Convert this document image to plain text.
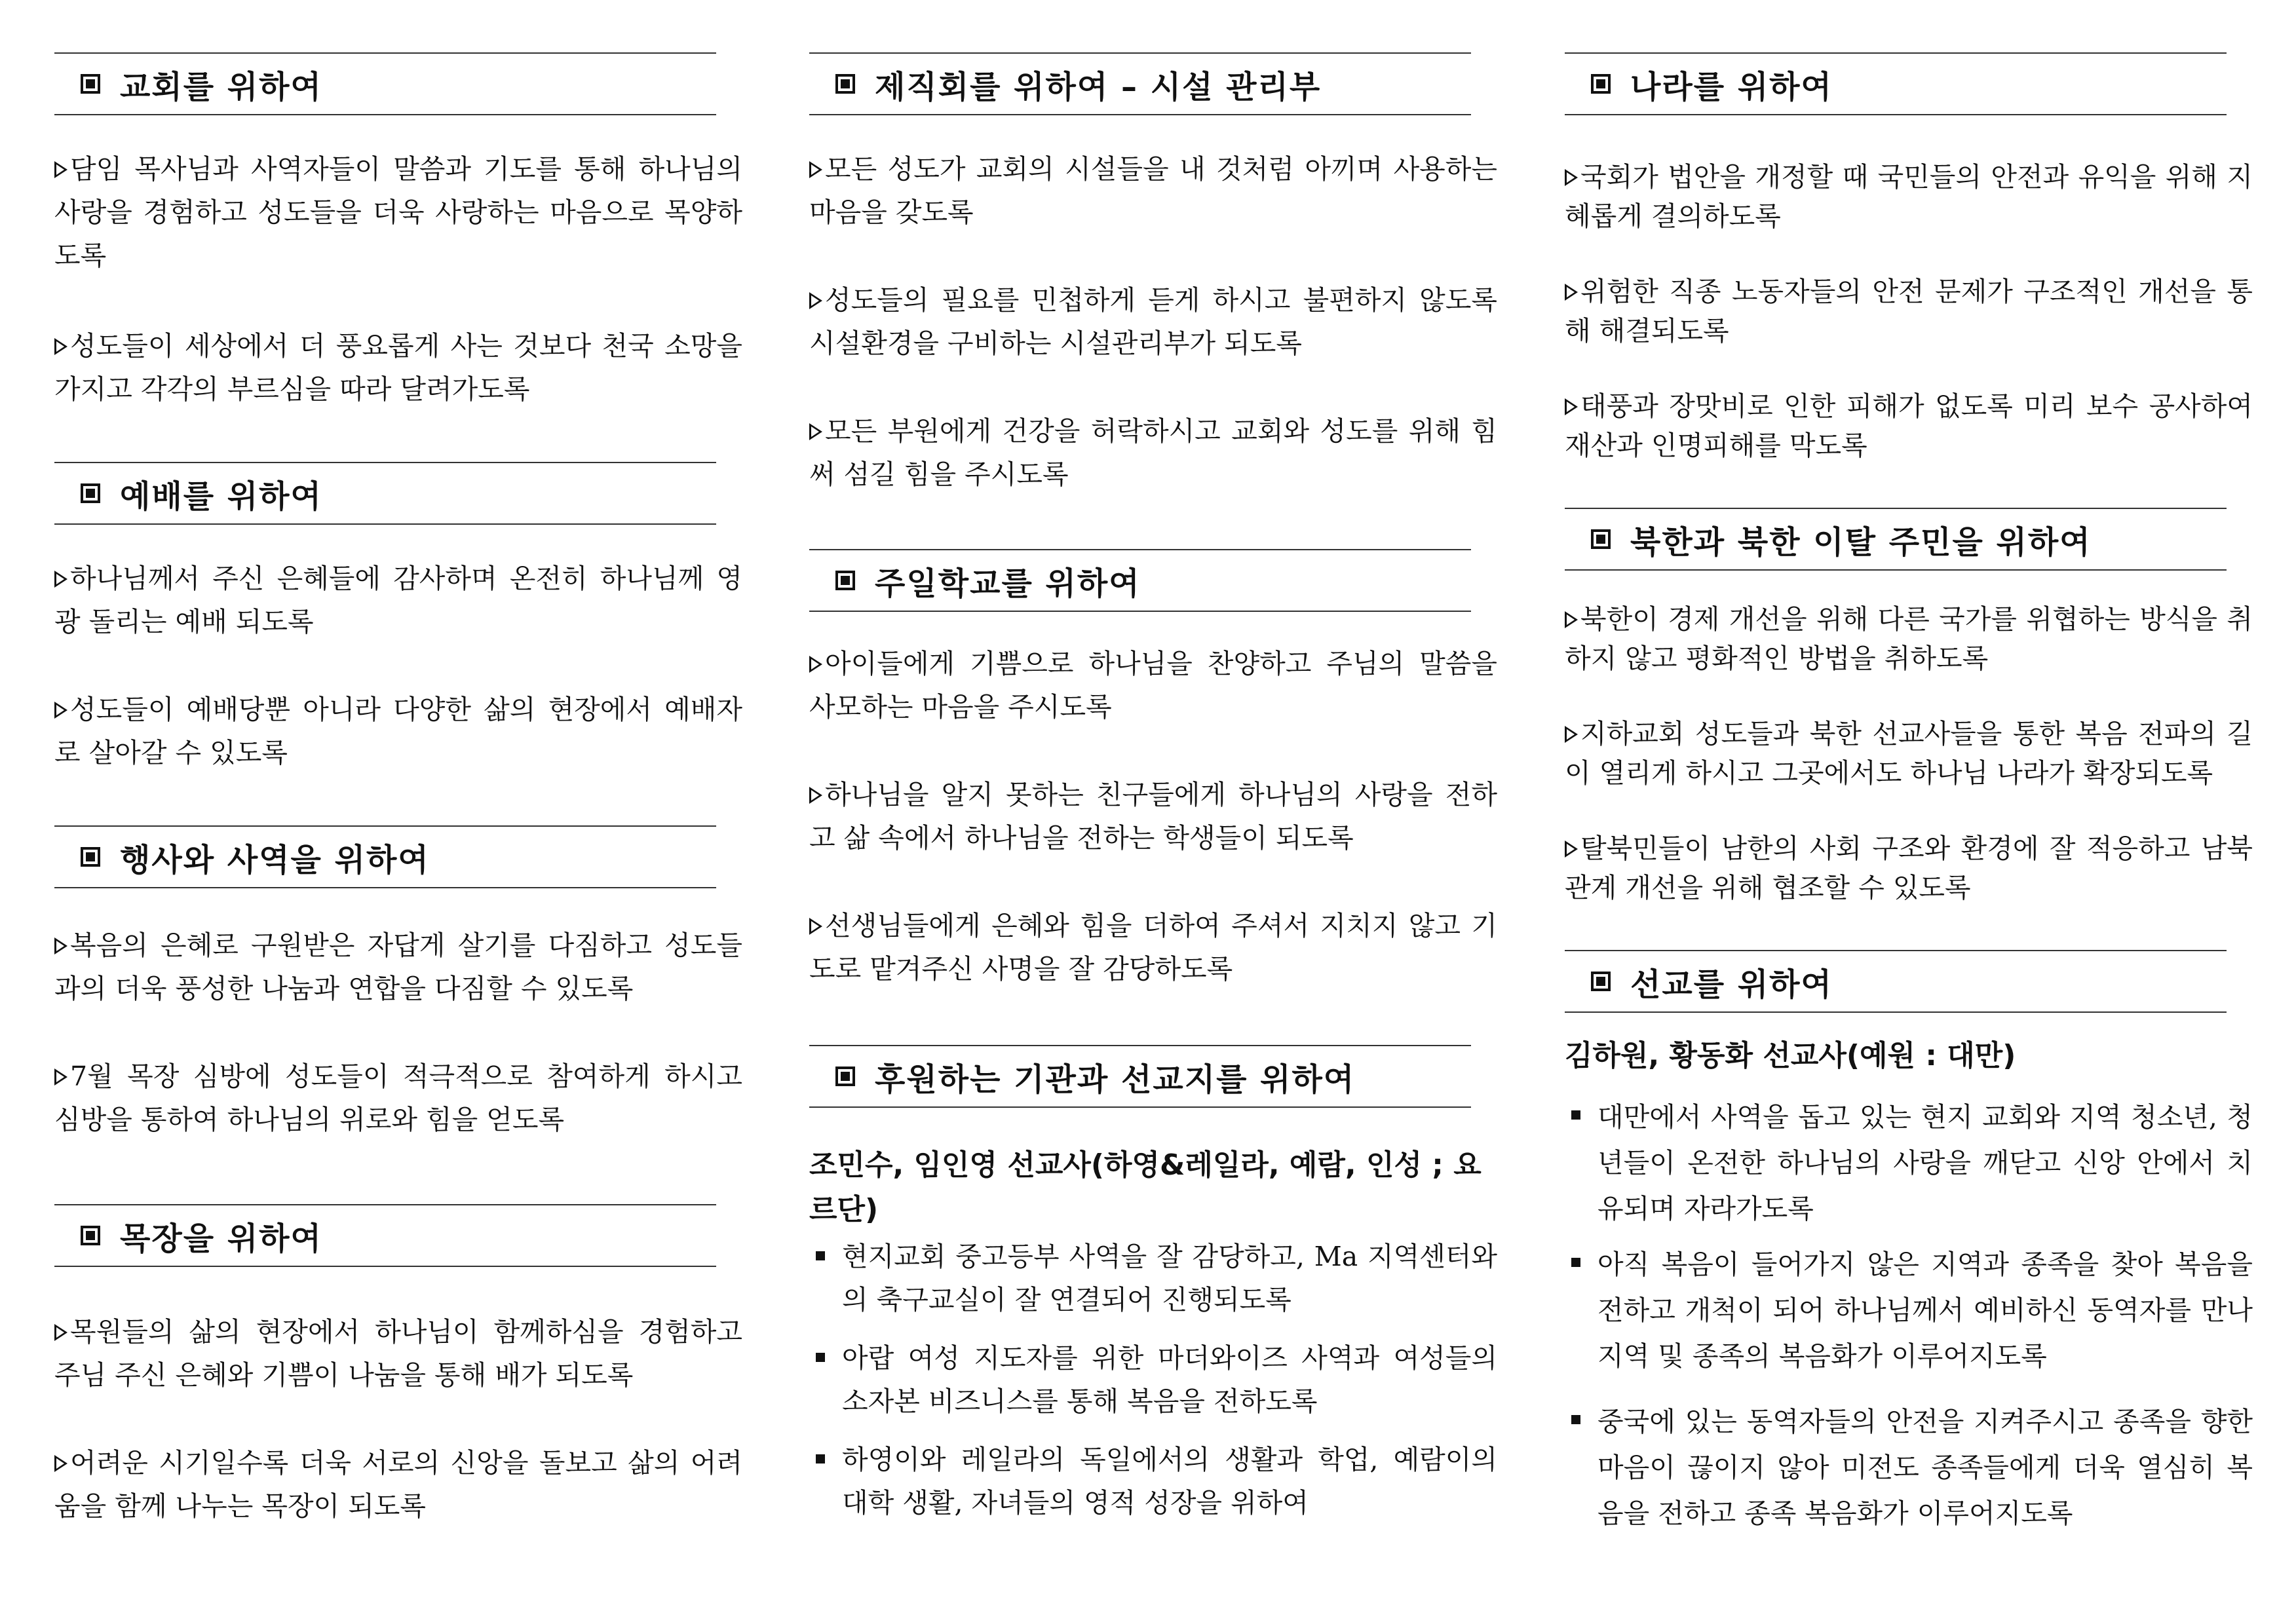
교회를 위하여
담임 목사님과 사역자들이 말씀과 기도를 통해 하나님의 사랑을 경험하고 성도들을 더욱 사랑하는 마음으로 목양하도록
성도들이 세상에서 더 풍요롭게 사는 것보다 천국 소망을 가지고 각각의 부르심을 따라 달려가도록
예배를 위하여
하나님께서 주신 은혜들에 감사하며 온전히 하나님께 영광 돌리는 예배 되도록
성도들이 예배당뿐 아니라 다양한 삶의 현장에서 예배자로 살아갈 수 있도록
행사와 사역을 위하여
복음의 은혜로 구원받은 자답게 살기를 다짐하고 성도들과의 더욱 풍성한 나눔과 연합을 다짐할 수 있도록
7월 목장 심방에 성도들이 적극적으로 참여하게 하시고 심방을 통하여 하나님의 위로와 힘을 얻도록
목장을 위하여
목원들의 삶의 현장에서 하나님이 함께하심을 경험하고 주님 주신 은혜와 기쁨이 나눔을 통해 배가 되도록
어려운 시기일수록 더욱 서로의 신앙을 돌보고 삶의 어려움을 함께 나누는 목장이 되도록
제직회를 위하여 – 시설 관리부
모든 성도가 교회의 시설들을 내 것처럼 아끼며 사용하는 마음을 갖도록
성도들의 필요를 민첩하게 듣게 하시고 불편하지 않도록 시설환경을 구비하는 시설관리부가 되도록
모든 부원에게 건강을 허락하시고 교회와 성도를 위해 힘써 섬길 힘을 주시도록
주일학교를 위하여
아이들에게 기쁨으로 하나님을 찬양하고 주님의 말씀을 사모하는 마음을 주시도록
하나님을 알지 못하는 친구들에게 하나님의 사랑을 전하고 삶 속에서 하나님을 전하는 학생들이 되도록
선생님들에게 은혜와 힘을 더하여 주셔서 지치지 않고 기도로 맡겨주신 사명을 잘 감당하도록
후원하는 기관과 선교지를 위하여
조민수, 임인영 선교사(하영&레일라, 예람, 인성 ; 요르단)
현지교회 중고등부 사역을 잘 감당하고, Ma 지역센터와의 축구교실이 잘 연결되어 진행되도록
아랍 여성 지도자를 위한 마더와이즈 사역과 여성들의 소자본 비즈니스를 통해 복음을 전하도록
하영이와 레일라의 독일에서의 생활과 학업, 예람이의 대학 생활, 자녀들의 영적 성장을 위하여
나라를 위하여
국회가 법안을 개정할 때 국민들의 안전과 유익을 위해 지혜롭게 결의하도록
위험한 직종 노동자들의 안전 문제가 구조적인 개선을 통해 해결되도록
태풍과 장맛비로 인한 피해가 없도록 미리 보수 공사하여 재산과 인명피해를 막도록
북한과 북한 이탈 주민을 위하여
북한이 경제 개선을 위해 다른 국가를 위협하는 방식을 취하지 않고 평화적인 방법을 취하도록
지하교회 성도들과 북한 선교사들을 통한 복음 전파의 길이 열리게 하시고 그곳에서도 하나님 나라가 확장되도록
탈북민들이 남한의 사회 구조와 환경에 잘 적응하고 남북 관계 개선을 위해 협조할 수 있도록
선교를 위하여
김하원, 황동화 선교사(예원 : 대만)
대만에서 사역을 돕고 있는 현지 교회와 지역 청소년, 청년들이 온전한 하나님의 사랑을 깨닫고 신앙 안에서 치유되며 자라가도록
아직 복음이 들어가지 않은 지역과 종족을 찾아 복음을 전하고 개척이 되어 하나님께서 예비하신 동역자를 만나 지역 및 종족의 복음화가 이루어지도록
중국에 있는 동역자들의 안전을 지켜주시고 종족을 향한 마음이 끊이지 않아 미전도 종족들에게 더욱 열심히 복음을 전하고 종족 복음화가 이루어지도록
